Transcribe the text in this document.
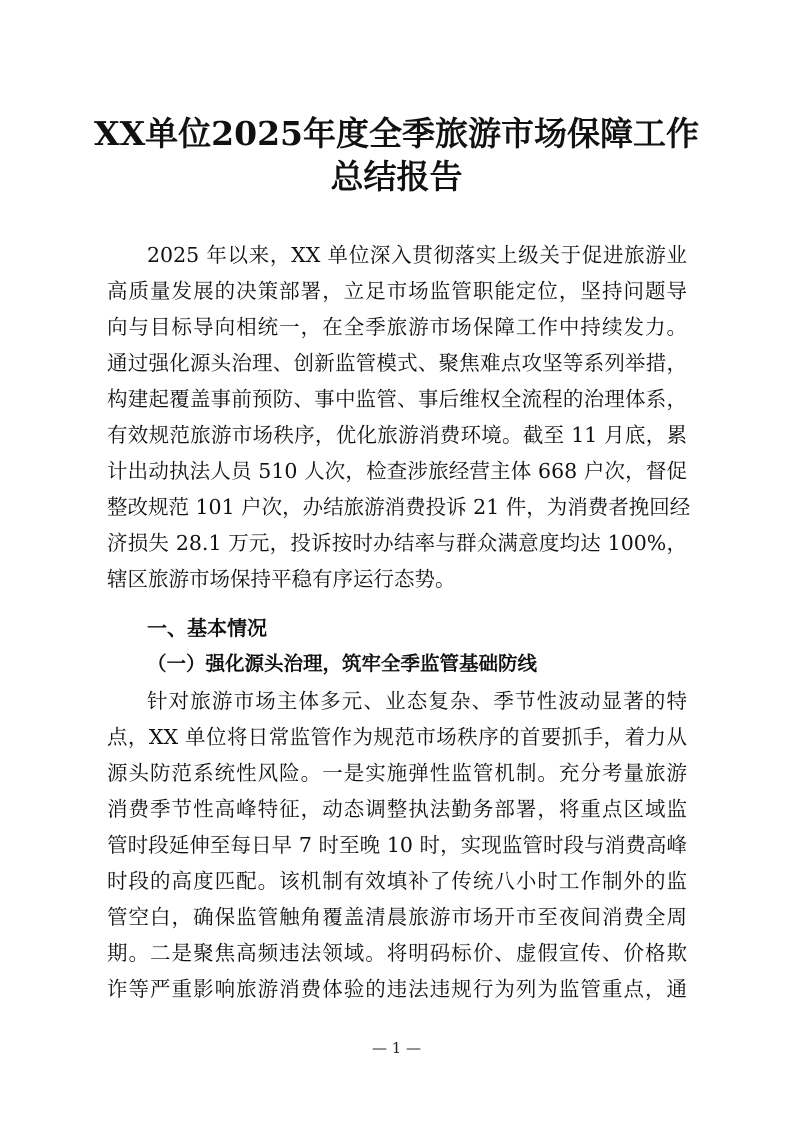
XX单位2025年度全季旅游市场保障工作
总结报告
2025 年以来，XX 单位深入贯彻落实上级关于促进旅游业
高质量发展的决策部署，立足市场监管职能定位，坚持问题导
向与目标导向相统一，在全季旅游市场保障工作中持续发力。
通过强化源头治理、创新监管模式、聚焦难点攻坚等系列举措，
构建起覆盖事前预防、事中监管、事后维权全流程的治理体系，
有效规范旅游市场秩序，优化旅游消费环境。截至 11 月底，累
计出动执法人员 510 人次，检查涉旅经营主体 668 户次，督促
整改规范 101 户次，办结旅游消费投诉 21 件，为消费者挽回经
济损失 28.1 万元，投诉按时办结率与群众满意度均达 100%，
辖区旅游市场保持平稳有序运行态势。
一、基本情况
（一）强化源头治理，筑牢全季监管基础防线
针对旅游市场主体多元、业态复杂、季节性波动显著的特
点，XX 单位将日常监管作为规范市场秩序的首要抓手，着力从
源头防范系统性风险。一是实施弹性监管机制。充分考量旅游
消费季节性高峰特征，动态调整执法勤务部署，将重点区域监
管时段延伸至每日早 7 时至晚 10 时，实现监管时段与消费高峰
时段的高度匹配。该机制有效填补了传统八小时工作制外的监
管空白，确保监管触角覆盖清晨旅游市场开市至夜间消费全周
期。二是聚焦高频违法领域。将明码标价、虚假宣传、价格欺
诈等严重影响旅游消费体验的违法违规行为列为监管重点，通
— 1 —
